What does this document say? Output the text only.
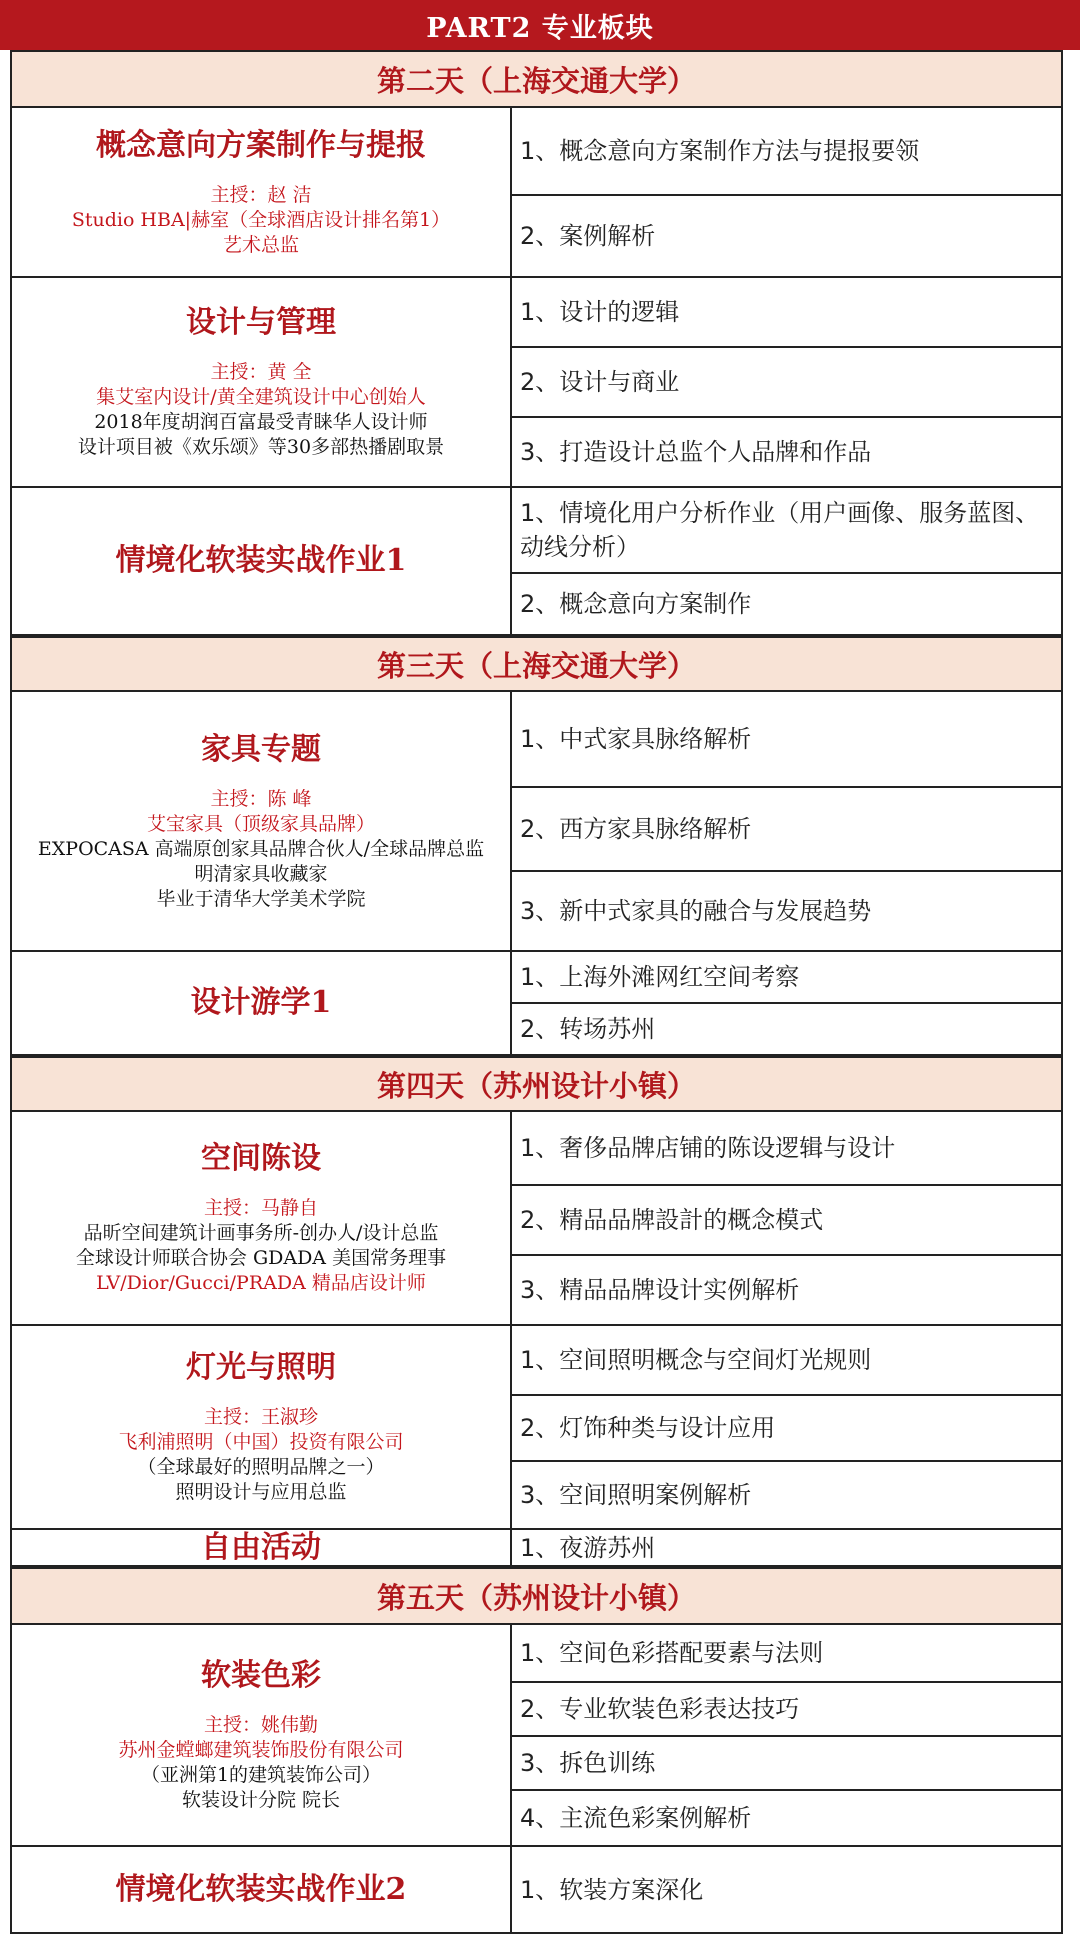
PART2 专业板块
第二天（上海交通大学）
第三天（上海交通大学）
第四天（苏州设计小镇）
第五天（苏州设计小镇）
概念意向方案制作与提报
主授：赵 洁
Studio HBA|赫室（全球酒店设计排名第1）
艺术总监
1、概念意向方案制作方法与提报要领
2、案例解析
设计与管理
主授：黄 全
集艾室内设计/黄全建筑设计中心创始人
2018年度胡润百富最受青睐华人设计师
设计项目被《欢乐颂》等30多部热播剧取景
1、设计的逻辑
2、设计与商业
3、打造设计总监个人品牌和作品
情境化软装实战作业1
1、情境化用户分析作业（用户画像、服务蓝图、动线分析）
2、概念意向方案制作
家具专题
主授：陈 峰
艾宝家具（顶级家具品牌）
EXPOCASA 高端原创家具品牌合伙人/全球品牌总监
明清家具收藏家
毕业于清华大学美术学院
1、中式家具脉络解析
2、西方家具脉络解析
3、新中式家具的融合与发展趋势
设计游学1
1、上海外滩网红空间考察
2、转场苏州
空间陈设
主授：马静自
品昕空间建筑计画事务所-创办人/设计总监
全球设计师联合协会 GDADA 美国常务理事
LV/Dior/Gucci/PRADA 精品店设计师
1、奢侈品牌店铺的陈设逻辑与设计
2、精品品牌設計的概念模式
3、精品品牌设计实例解析
灯光与照明
主授：王淑珍
飞利浦照明（中国）投资有限公司
（全球最好的照明品牌之一）
照明设计与应用总监
1、空间照明概念与空间灯光规则
2、灯饰种类与设计应用
3、空间照明案例解析
自由活动	1、夜游苏州
软装色彩
主授：姚伟勤
苏州金螳螂建筑装饰股份有限公司
（亚洲第1的建筑装饰公司）
软装设计分院 院长
1、空间色彩搭配要素与法则
2、专业软装色彩表达技巧
3、拆色训练
4、主流色彩案例解析
情境化软装实战作业2	1、软装方案深化
